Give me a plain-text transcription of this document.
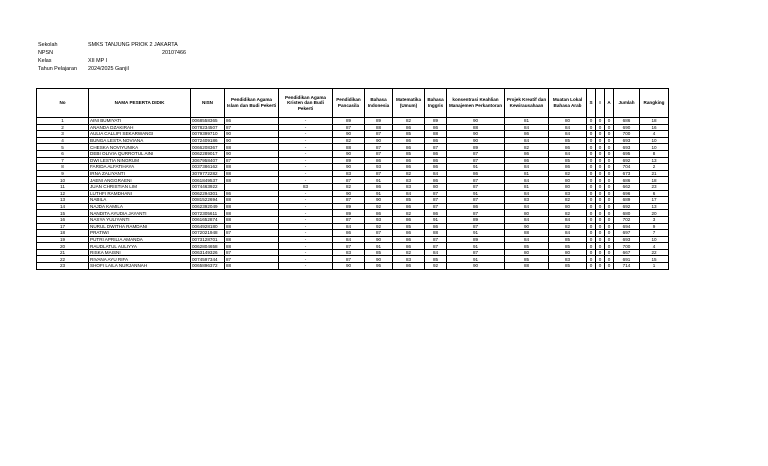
Sekolah	SMKS TANJUNG PRIOK 2 JAKARTA
NPSN	20107466
Kelas	XII MP I
Tahun Pelajaran 2024/2025 Ganjil
No	NAMA PESERTA DIDIK	NISN	Pendidikan Agama Islam dan Budi Pekerti	Pendidikan Agama Kristen dan Budi Pekerti	Pendidikan Pancasila	Bahasa Indonesia	Matematika (Umum)	Bahasa Inggris	konsentrasi Keahlian Manajemen Perkantoran	Projek Kreatif dan Kewirausahaan	Muatan Lokal Bahasa Arab	S	I	A	Jumlah	Rangking
1	AINI BUMIYATI	0068558365	86	-	89	89	82	89	90	81	80	0	0	0	686	18
2	ANANDA DZAKIRAH	0078234507	87	-	87	88	86	86	88	84	84	0	0	0	690	16
3	AULIA CALLIFI SEKARWANGI	0079399710	90	-	90	87	85	88	90	86	84	0	0	0	700	4
4	BUNGA LESTA NOVIANA	0072409186	90	-	82	90	86	86	90	84	85	0	0	0	693	10
5	CHESKA NOVIYUNIKA	0066208367	88	-	88	87	86	87	89	82	86	0	0	0	693	10
6	DEBI OLIVIA QURROTUL AINI	0062289017	90	-	90	87	85	86	87	86	84	0	0	0	695	8
7	DWI LESTIA NINGRUM	3067958407	87	-	89	86	86	86	87	86	85	0	0	0	692	13
8	FARIDA ALFATIHAYA	0037386162	88	-	90	93	86	86	91	84	86	0	0	0	704	2
9	IRNA ZALIYANTI	3079772282	88	-	83	87	82	84	86	81	82	0	0	0	673	21
10	JAENI ANGGRAENI	0061849537	88	-	87	91	83	86	87	84	80	0	0	0	686	18
11	JUAN CHRISTIAN LIM	0074463922		83	82	86	83	80	87	81	80	0	0	0	662	23
12	LUTHFI RAMDHANI	0062294301	86	-	90	91	84	87	91	84	83	0	0	0	696	6
13	NABILA	0081522694	88	-	87	90	85	87	87	83	82	0	0	0	689	17
14	NAJDA KAMILA	0062392049	88	-	89	92	86	87	86	84	80	0	0	0	692	13
15	NANDITA AYUDIA JAYANTI	0072305611	88	-	89	86	82	86	87	80	82	0	0	0	680	20
16	NASYA YULIYANTI	0061652874	88	-	87	93	86	91	89	84	84	0	0	0	702	3
17	NURUL DWITHA RAMDANI	0064928180	88	-	84	92	85	86	87	90	82	0	0	0	694	9
18	PRATIWI	0072021948	87	-	86	87	86	88	91	88	84	0	0	0	697	7
19	PUTRI APRILIA AMANDA	0073128701	88	-	84	90	86	87	89	84	85	0	0	0	693	10
20	RAUDLATUL AULIYYA	0062804658	88	-	87	91	86	87	91	85	85	0	0	0	700	4
21	RISKA MAISNI	0063149326	87	-	83	85	82	84	87	80	80	0	0	0	667	22
22	RIVANA AYU RIFA	0074597344	87	-	87	90	83	85	91	85	83	0	0	0	691	15
23	SHOFI LAILA NURJANNAH	0065896372	88	-	90	95	86	92	90	88	85	0	0	0	714	1
